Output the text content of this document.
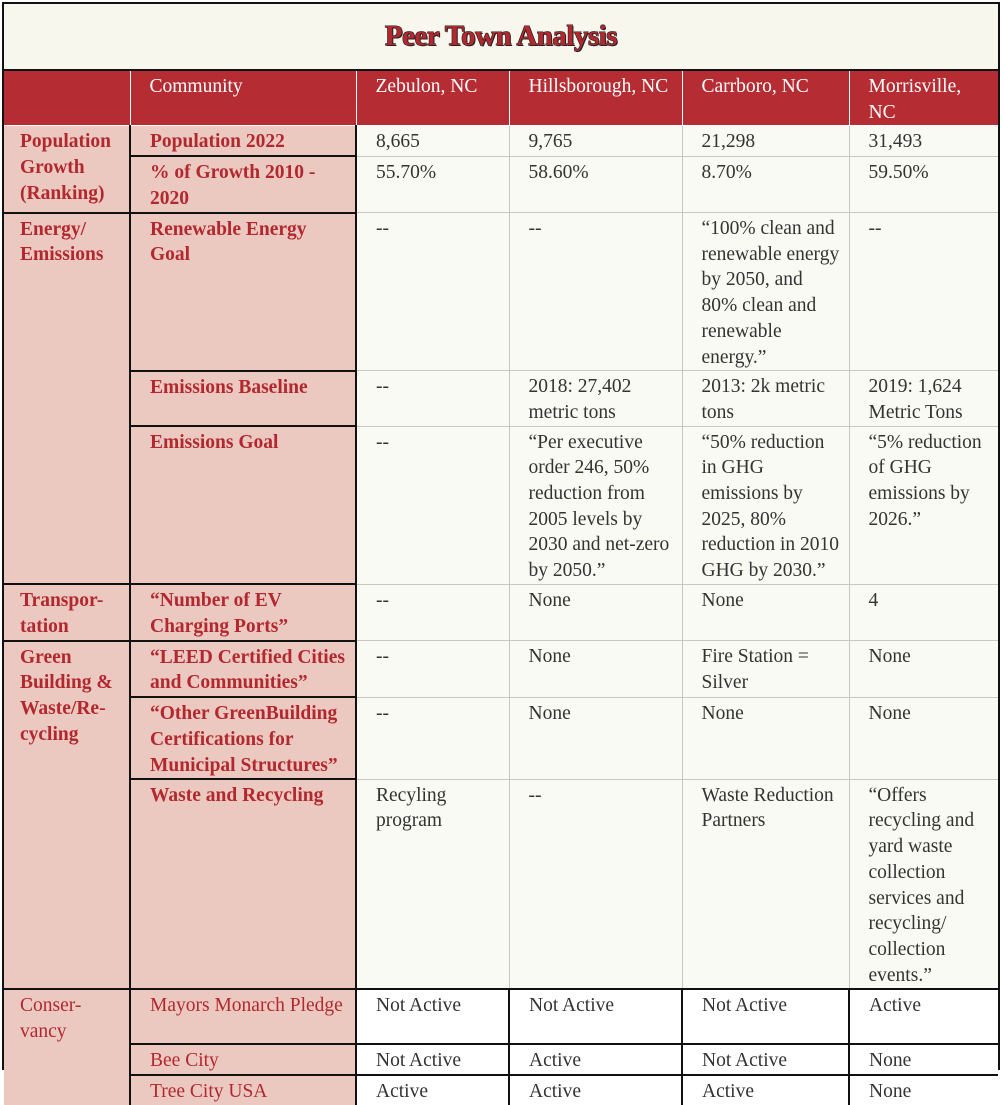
Peer Town Analysis
	Community	Zebulon, NC	Hillsborough, NC	Carrboro, NC	Morrisville, NC
Population Growth (Ranking)	Population 2022	8,665	9,765	21,298	31,493
	% of Growth 2010 - 2020	55.70%	58.60%	8.70%	59.50%
Energy/ Emissions	Renewable Energy Goal	--	--	“100% clean and renewable energy by 2050, and 80% clean and renewable energy.”	--
	Emissions Baseline	--	2018: 27,402 metric tons	2013: 2k metric tons	2019: 1,624 Metric Tons
	Emissions Goal	--	“Per executive order 246, 50% reduction from 2005 levels by 2030 and net-zero by 2050.”	“50% reduction in GHG emissions by 2025, 80% reduction in 2010 GHG by 2030.”	“5% reduction of GHG emissions by 2026.”
Transpor-tation	“Number of EV Charging Ports”	--	None	None	4
Green Building & Waste/Re-cycling	“LEED Certified Cities and Communities”	--	None	Fire Station = Silver	None
	“Other GreenBuilding Certifications for Municipal Structures”	--	None	None	None
	Waste and Recycling	Recyling program	--	Waste Reduction Partners	“Offers recycling and yard waste collection services and recycling/ collection events.”
Conser-vancy	Mayors Monarch Pledge	Not Active	Not Active	Not Active	Active
	Bee City	Not Active	Active	Not Active	None
	Tree City USA	Active	Active	Active	None
